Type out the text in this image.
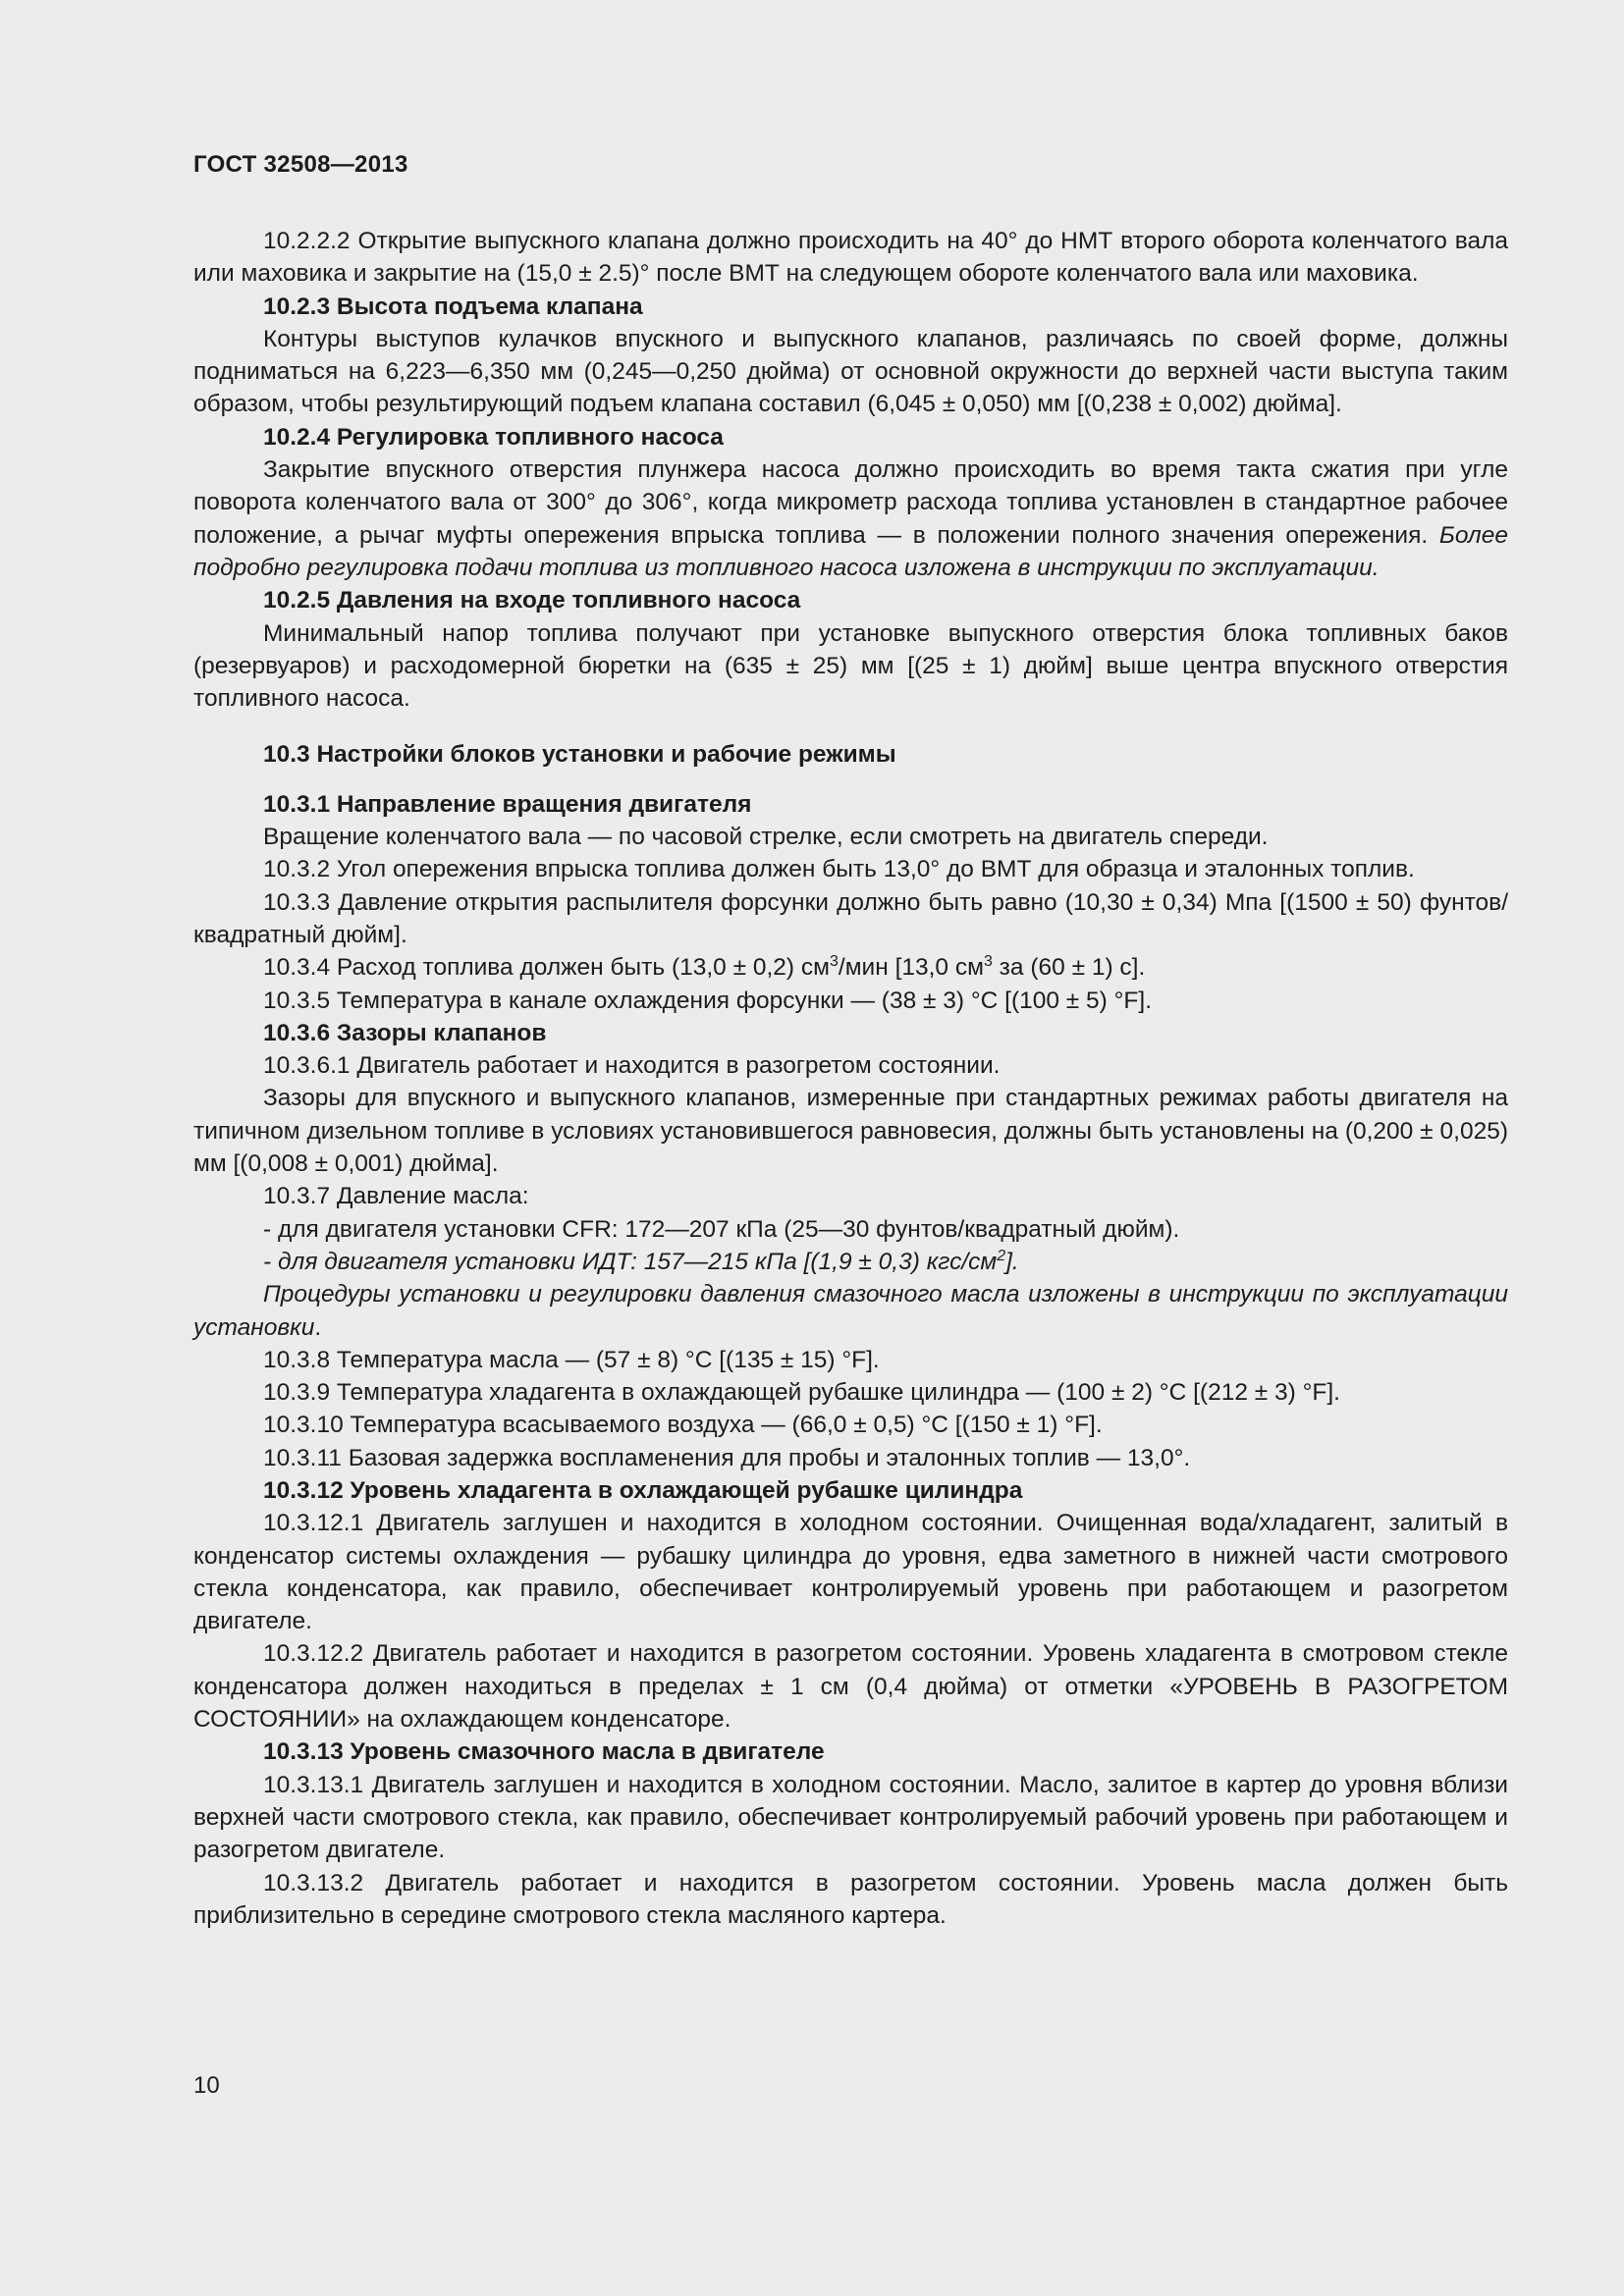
ГОСТ 32508—2013

10.2.2.2 Открытие выпускного клапана должно происходить на 40° до НМТ второго оборота коленчатого вала или маховика и закрытие на (15,0 ± 2.5)° после ВМТ на следующем обороте коленчатого вала или маховика.

10.2.3 Высота подъема клапана

Контуры выступов кулачков впускного и выпускного клапанов, различаясь по своей форме, должны подниматься на 6,223—6,350 мм (0,245—0,250 дюйма) от основной окружности до верхней части выступа таким образом, чтобы результирующий подъем клапана составил (6,045 ± 0,050) мм [(0,238 ± 0,002) дюйма].

10.2.4 Регулировка топливного насоса

Закрытие впускного отверстия плунжера насоса должно происходить во время такта сжатия при угле поворота коленчатого вала от 300° до 306°, когда микрометр расхода топлива установлен в стандартное рабочее положение, а рычаг муфты опережения впрыска топлива — в положении полного значения опережения. Более подробно регулировка подачи топлива из топливного насоса изложена в инструкции по эксплуатации.

10.2.5 Давления на входе топливного насоса

Минимальный напор топлива получают при установке выпускного отверстия блока топливных баков (резервуаров) и расходомерной бюретки на (635 ± 25) мм [(25 ± 1) дюйм] выше центра впускного отверстия топливного насоса.

10.3 Настройки блоков установки и рабочие режимы

10.3.1 Направление вращения двигателя

Вращение коленчатого вала — по часовой стрелке, если смотреть на двигатель спереди.

10.3.2 Угол опережения впрыска топлива должен быть 13,0° до ВМТ для образца и эталонных топлив.

10.3.3 Давление открытия распылителя форсунки должно быть равно (10,30 ± 0,34) Мпа [(1500 ± 50) фунтов/квадратный дюйм].

10.3.4 Расход топлива должен быть (13,0 ± 0,2) $см^3$/мин [13,0 $см^3$ за (60 ± 1) с].

10.3.5 Температура в канале охлаждения форсунки — (38 ± 3) °С [(100 ± 5) °F].

10.3.6 Зазоры клапанов

10.3.6.1 Двигатель работает и находится в разогретом состоянии.

Зазоры для впускного и выпускного клапанов, измеренные при стандартных режимах работы двигателя на типичном дизельном топливе в условиях установившегося равновесия, должны быть установлены на (0,200 ± 0,025) мм [(0,008 ± 0,001) дюйма].

10.3.7 Давление масла:

- для двигателя установки CFR: 172—207 кПа (25—30 фунтов/квадратный дюйм).

- для двигателя установки ИДТ: 157—215 кПа [(1,9 ± 0,3) кгс/$см^2$].

Процедуры установки и регулировки давления смазочного масла изложены в инструкции по эксплуатации установки.

10.3.8 Температура масла — (57 ± 8) °С [(135 ± 15) °F].

10.3.9 Температура хладагента в охлаждающей рубашке цилиндра — (100 ± 2) °С [(212 ± 3) °F].

10.3.10 Температура всасываемого воздуха — (66,0 ± 0,5) °С [(150 ± 1) °F].

10.3.11 Базовая задержка воспламенения для пробы и эталонных топлив — 13,0°.

10.3.12 Уровень хладагента в охлаждающей рубашке цилиндра

10.3.12.1 Двигатель заглушен и находится в холодном состоянии. Очищенная вода/хладагент, залитый в конденсатор системы охлаждения — рубашку цилиндра до уровня, едва заметного в нижней части смотрового стекла конденсатора, как правило, обеспечивает контролируемый уровень при работающем и разогретом двигателе.

10.3.12.2 Двигатель работает и находится в разогретом состоянии. Уровень хладагента в смотровом стекле конденсатора должен находиться в пределах ± 1 см (0,4 дюйма) от отметки «УРОВЕНЬ В РАЗОГРЕТОМ СОСТОЯНИИ» на охлаждающем конденсаторе.

10.3.13 Уровень смазочного масла в двигателе

10.3.13.1 Двигатель заглушен и находится в холодном состоянии. Масло, залитое в картер до уровня вблизи верхней части смотрового стекла, как правило, обеспечивает контролируемый рабочий уровень при работающем и разогретом двигателе.

10.3.13.2 Двигатель работает и находится в разогретом состоянии. Уровень масла должен быть приблизительно в середине смотрового стекла масляного картера.

10
